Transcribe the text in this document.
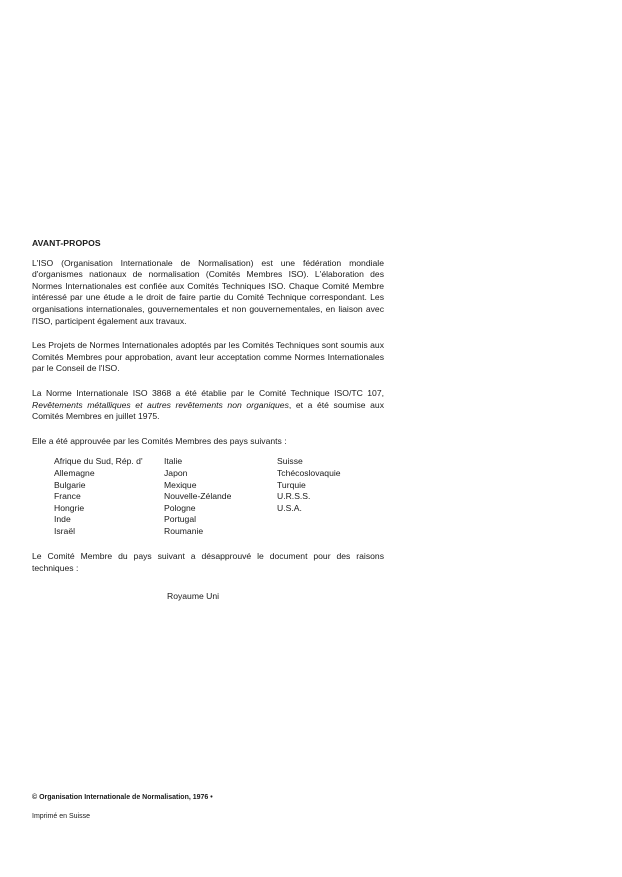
AVANT-PROPOS

L'ISO (Organisation Internationale de Normalisation) est une fédération mondiale d'organismes nationaux de normalisation (Comités Membres ISO). L'élaboration des Normes Internationales est confiée aux Comités Techniques ISO. Chaque Comité Membre intéressé par une étude a le droit de faire partie du Comité Technique correspondant. Les organisations internationales, gouvernementales et non gouvernementales, en liaison avec l'ISO, participent également aux travaux.

Les Projets de Normes Internationales adoptés par les Comités Techniques sont soumis aux Comités Membres pour approbation, avant leur acceptation comme Normes Internationales par le Conseil de l'ISO.

La Norme Internationale ISO 3868 a été établie par le Comité Technique ISO/TC 107, Revêtements métalliques et autres revêtements non organiques, et a été soumise aux Comités Membres en juillet 1975.

Elle a été approuvée par les Comités Membres des pays suivants :
Afrique du Sud, Rép. d'
Allemagne
Bulgarie
France
Hongrie
Inde
Israël
Italie
Japon
Mexique
Nouvelle-Zélande
Pologne
Portugal
Roumanie
Suisse
Tchécoslovaquie
Turquie
U.R.S.S.
U.S.A.

Le Comité Membre du pays suivant a désapprouvé le document pour des raisons techniques :

Royaume Uni
© Organisation Internationale de Normalisation, 1976 •
Imprimé en Suisse
